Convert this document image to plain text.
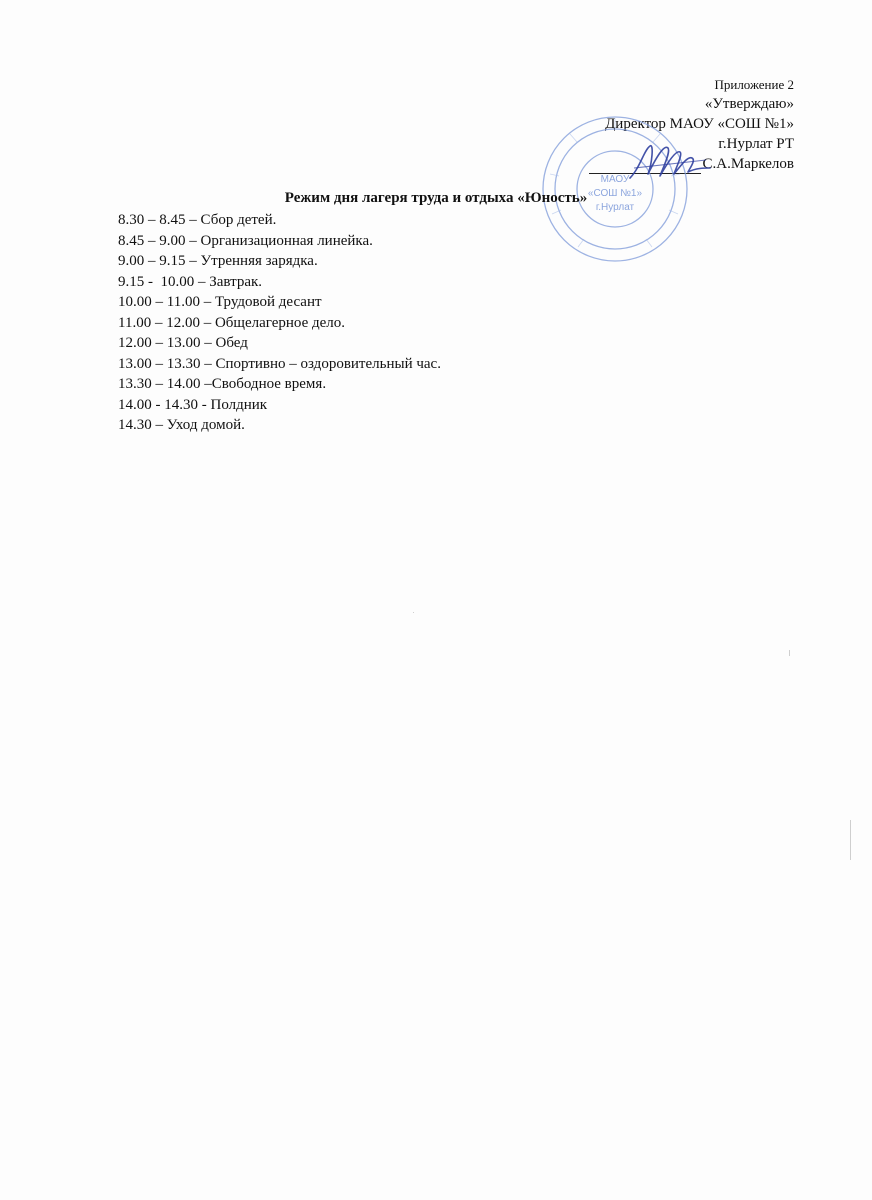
Приложение 2
«Утверждаю»
Директор МАОУ «СОШ №1»
г.Нурлат РТ
С.А.Маркелов
МАОУ
«СОШ №1»
г.Нурлат
Режим дня лагеря труда и отдыха «Юность»
8.30 – 8.45 – Сбор детей.
8.45 – 9.00 – Организационная линейка.
9.00 – 9.15 – Утренняя зарядка.
9.15 -  10.00 – Завтрак.
10.00 – 11.00 – Трудовой десант
11.00 – 12.00 – Общелагерное дело.
12.00 – 13.00 – Обед
13.00 – 13.30 – Спортивно – оздоровительный час.
13.30 – 14.00 –Свободное время.
14.00 - 14.30 - Полдник
14.30 – Уход домой.
